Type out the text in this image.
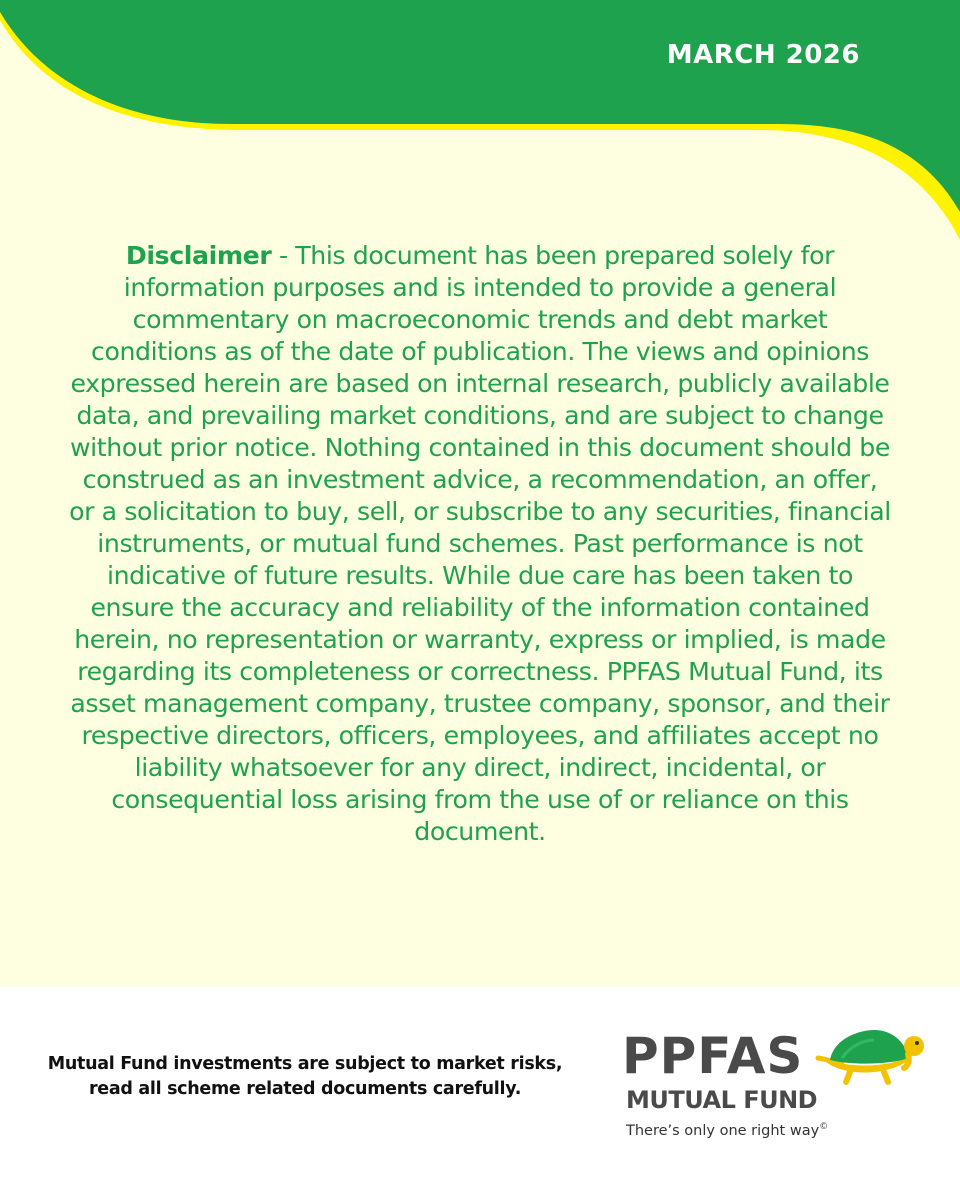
MARCH 2026

Disclaimer - This document has been prepared solely for information purposes and is intended to provide a general commentary on macroeconomic trends and debt market conditions as of the date of publication. The views and opinions expressed herein are based on internal research, publicly available data, and prevailing market conditions, and are subject to change without prior notice. Nothing contained in this document should be construed as an investment advice, a recommendation, an offer, or a solicitation to buy, sell, or subscribe to any securities, financial instruments, or mutual fund schemes. Past performance is not indicative of future results. While due care has been taken to ensure the accuracy and reliability of the information contained herein, no representation or warranty, express or implied, is made regarding its completeness or correctness. PPFAS Mutual Fund, its asset management company, trustee company, sponsor, and their respective directors, officers, employees, and affiliates accept no liability whatsoever for any direct, indirect, incidental, or consequential loss arising from the use of or reliance on this document.

Mutual Fund investments are subject to market risks,
read all scheme related documents carefully.
PPFAS
MUTUAL FUND
There’s only one right way©
